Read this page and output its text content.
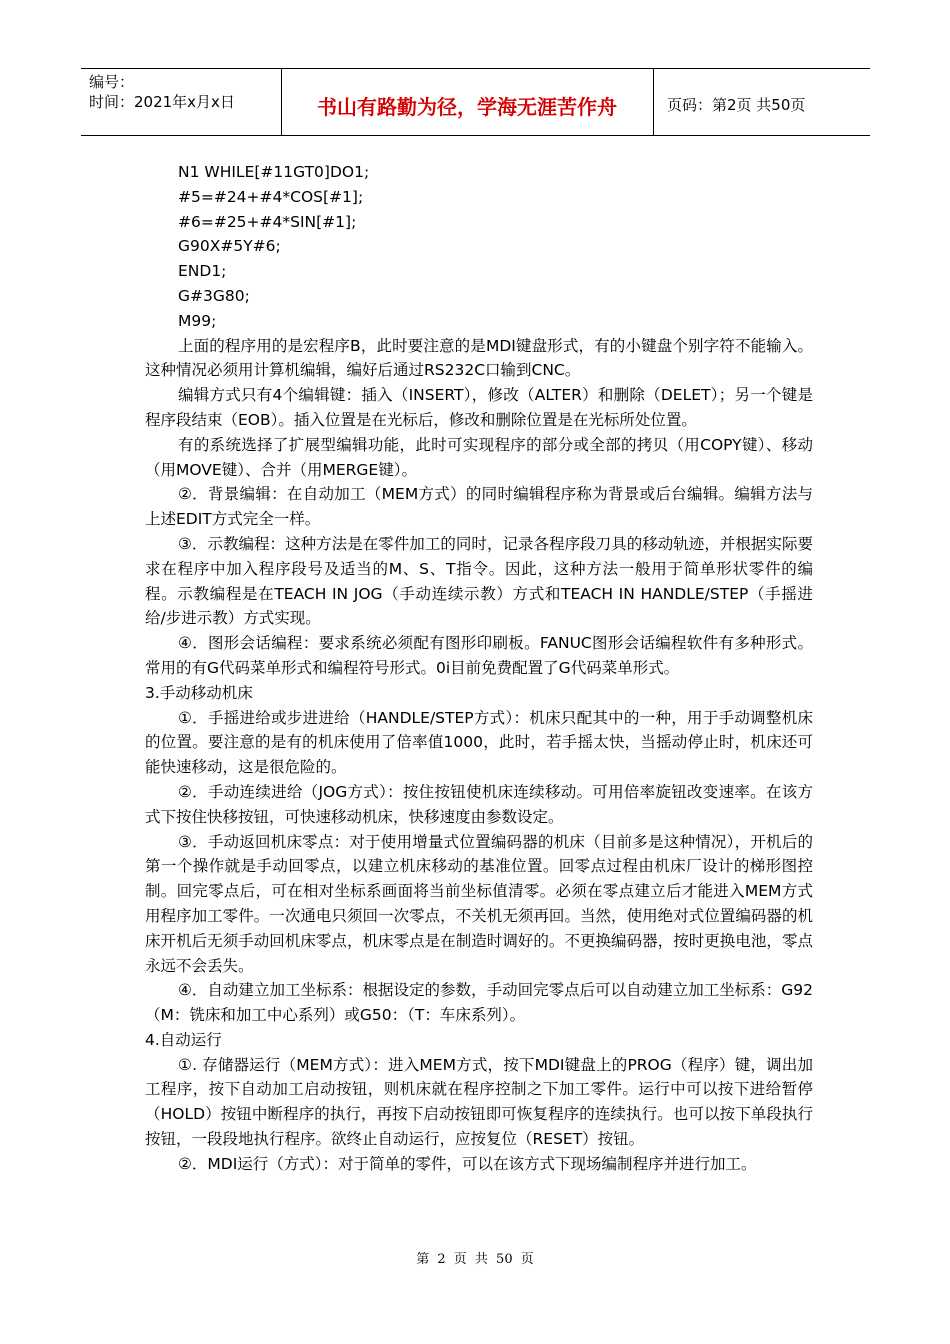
编号：
时间：2021年x月x日	书山有路勤为径，学海无涯苦作舟	页码：第2页 共50页

N1 WHILE[#11GT0]DO1;

#5=#24+#4*COS[#1];

#6=#25+#4*SIN[#1];

G90X#5Y#6;

END1;

G#3G80;

M99;

上面的程序用的是宏程序B，此时要注意的是MDI键盘形式，有的小键盘个别字符不能输入。这种情况必须用计算机编辑，编好后通过RS232C口输到CNC。

编辑方式只有4个编辑键：插入（INSERT），修改（ALTER）和删除（DELET）；另一个键是程序段结束（EOB）。插入位置是在光标后，修改和删除位置是在光标所处位置。

有的系统选择了扩展型编辑功能，此时可实现程序的部分或全部的拷贝（用COPY键）、移动（用MOVE键）、合并（用MERGE键）。

②．背景编辑：在自动加工（MEM方式）的同时编辑程序称为背景或后台编辑。编辑方法与上述EDIT方式完全一样。

③．示教编程：这种方法是在零件加工的同时，记录各程序段刀具的移动轨迹，并根据实际要求在程序中加入程序段号及适当的M、S、T指令。因此，这种方法一般用于简单形状零件的编程。示教编程是在TEACH IN JOG（手动连续示教）方式和TEACH IN HANDLE/STEP（手摇进给/步进示教）方式实现。

④．图形会话编程：要求系统必须配有图形印刷板。FANUC图形会话编程软件有多种形式。常用的有G代码菜单形式和编程符号形式。0i目前免费配置了G代码菜单形式。

3.手动移动机床

①．手摇进给或步进进给（HANDLE/STEP方式）：机床只配其中的一种，用于手动调整机床的位置。要注意的是有的机床使用了倍率值1000，此时，若手摇太快，当摇动停止时，机床还可能快速移动，这是很危险的。

②．手动连续进给（JOG方式）：按住按钮使机床连续移动。可用倍率旋钮改变速率。在该方式下按住快移按钮，可快速移动机床，快移速度由参数设定。

③．手动返回机床零点：对于使用增量式位置编码器的机床（目前多是这种情况），开机后的第一个操作就是手动回零点，以建立机床移动的基准位置。回零点过程由机床厂设计的梯形图控制。回完零点后，可在相对坐标系画面将当前坐标值清零。必须在零点建立后才能进入MEM方式用程序加工零件。一次通电只须回一次零点，不关机无须再回。当然，使用绝对式位置编码器的机床开机后无须手动回机床零点，机床零点是在制造时调好的。不更换编码器，按时更换电池，零点永远不会丢失。

④．自动建立加工坐标系：根据设定的参数，手动回完零点后可以自动建立加工坐标系：G92（M：铣床和加工中心系列）或G50：（T：车床系列）。

4.自动运行

①. 存储器运行（MEM方式）：进入MEM方式，按下MDI键盘上的PROG（程序）键，调出加工程序，按下自动加工启动按钮，则机床就在程序控制之下加工零件。运行中可以按下进给暂停（HOLD）按钮中断程序的执行，再按下启动按钮即可恢复程序的连续执行。也可以按下单段执行按钮，一段段地执行程序。欲终止自动运行，应按复位（RESET）按钮。

②．MDI运行（方式）：对于简单的零件，可以在该方式下现场编制程序并进行加工。

第 2 页 共 50 页
